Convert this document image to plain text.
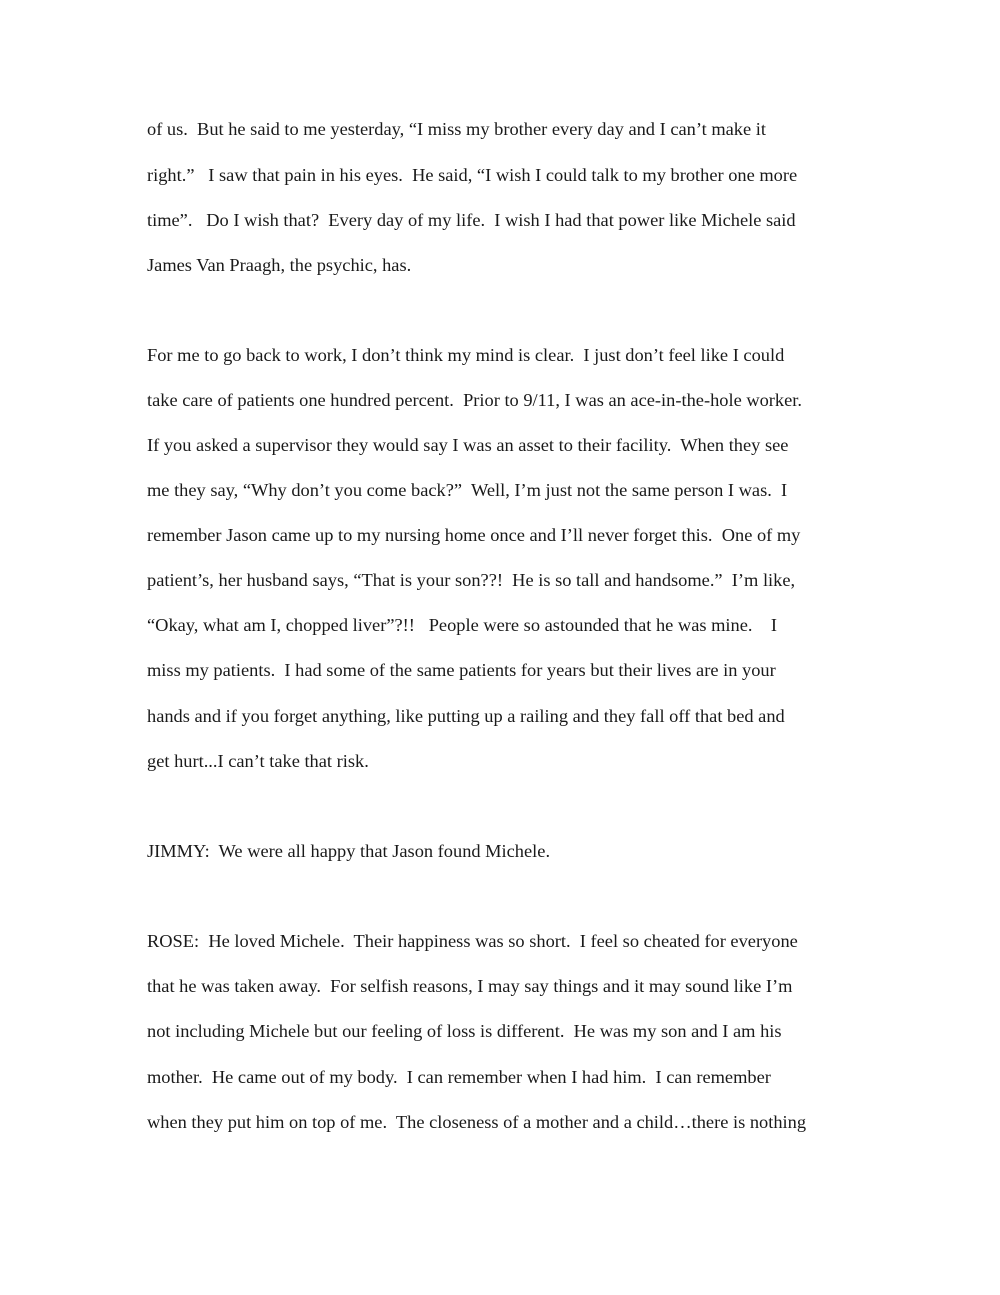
of us.  But he said to me yesterday, “I miss my brother every day and I can’t make it
right.”   I saw that pain in his eyes.  He said, “I wish I could talk to my brother one more
time”.   Do I wish that?  Every day of my life.  I wish I had that power like Michele said
James Van Praagh, the psychic, has.
For me to go back to work, I don’t think my mind is clear.  I just don’t feel like I could
take care of patients one hundred percent.  Prior to 9/11, I was an ace-in-the-hole worker.
If you asked a supervisor they would say I was an asset to their facility.  When they see
me they say, “Why don’t you come back?”  Well, I’m just not the same person I was.  I
remember Jason came up to my nursing home once and I’ll never forget this.  One of my
patient’s, her husband says, “That is your son??!  He is so tall and handsome.”  I’m like,
“Okay, what am I, chopped liver”?!!   People were so astounded that he was mine.    I
miss my patients.  I had some of the same patients for years but their lives are in your
hands and if you forget anything, like putting up a railing and they fall off that bed and
get hurt...I can’t take that risk.
JIMMY:  We were all happy that Jason found Michele.
ROSE:  He loved Michele.  Their happiness was so short.  I feel so cheated for everyone
that he was taken away.  For selfish reasons, I may say things and it may sound like I’m
not including Michele but our feeling of loss is different.  He was my son and I am his
mother.  He came out of my body.  I can remember when I had him.  I can remember
when they put him on top of me.  The closeness of a mother and a child…there is nothing
